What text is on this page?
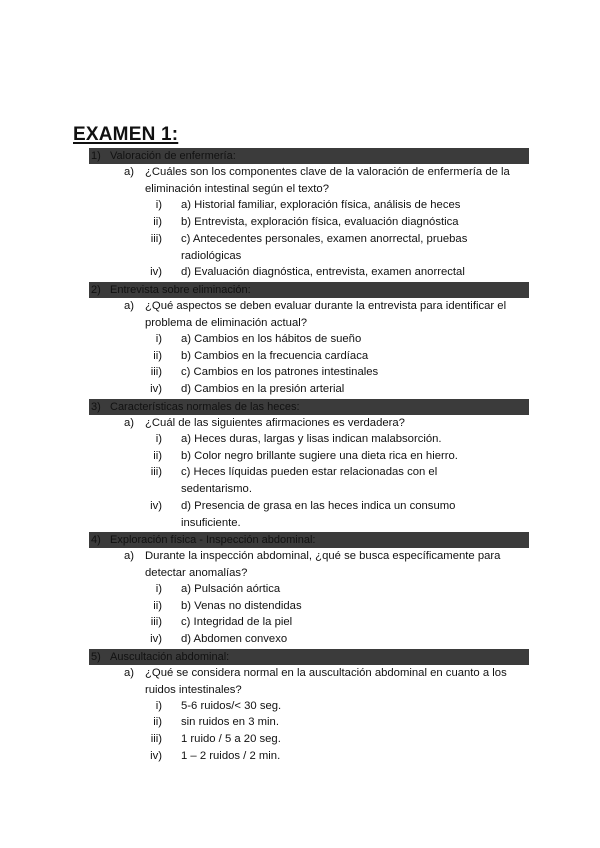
EXAMEN 1:
1) Valoración de enfermería:
a) ¿Cuáles son los componentes clave de la valoración de enfermería de la eliminación intestinal según el texto?
i) a) Historial familiar, exploración física, análisis de heces
ii) b) Entrevista, exploración física, evaluación diagnóstica
iii) c) Antecedentes personales, examen anorrectal, pruebas radiológicas
iv) d) Evaluación diagnóstica, entrevista, examen anorrectal
2) Entrevista sobre eliminación:
a) ¿Qué aspectos se deben evaluar durante la entrevista para identificar el problema de eliminación actual?
i) a) Cambios en los hábitos de sueño
ii) b) Cambios en la frecuencia cardíaca
iii) c) Cambios en los patrones intestinales
iv) d) Cambios en la presión arterial
3) Características normales de las heces:
a) ¿Cuál de las siguientes afirmaciones es verdadera?
i) a) Heces duras, largas y lisas indican malabsorción.
ii) b) Color negro brillante sugiere una dieta rica en hierro.
iii) c) Heces líquidas pueden estar relacionadas con el sedentarismo.
iv) d) Presencia de grasa en las heces indica un consumo insuficiente.
4) Exploración física - Inspección abdominal:
a) Durante la inspección abdominal, ¿qué se busca específicamente para detectar anomalías?
i) a) Pulsación aórtica
ii) b) Venas no distendidas
iii) c) Integridad de la piel
iv) d) Abdomen convexo
5) Auscultación abdominal:
a) ¿Qué se considera normal en la auscultación abdominal en cuanto a los ruidos intestinales?
i) 5-6 ruidos/< 30 seg.
ii) sin ruidos en 3 min.
iii) 1 ruido / 5 a 20 seg.
iv) 1 – 2 ruidos / 2 min.
